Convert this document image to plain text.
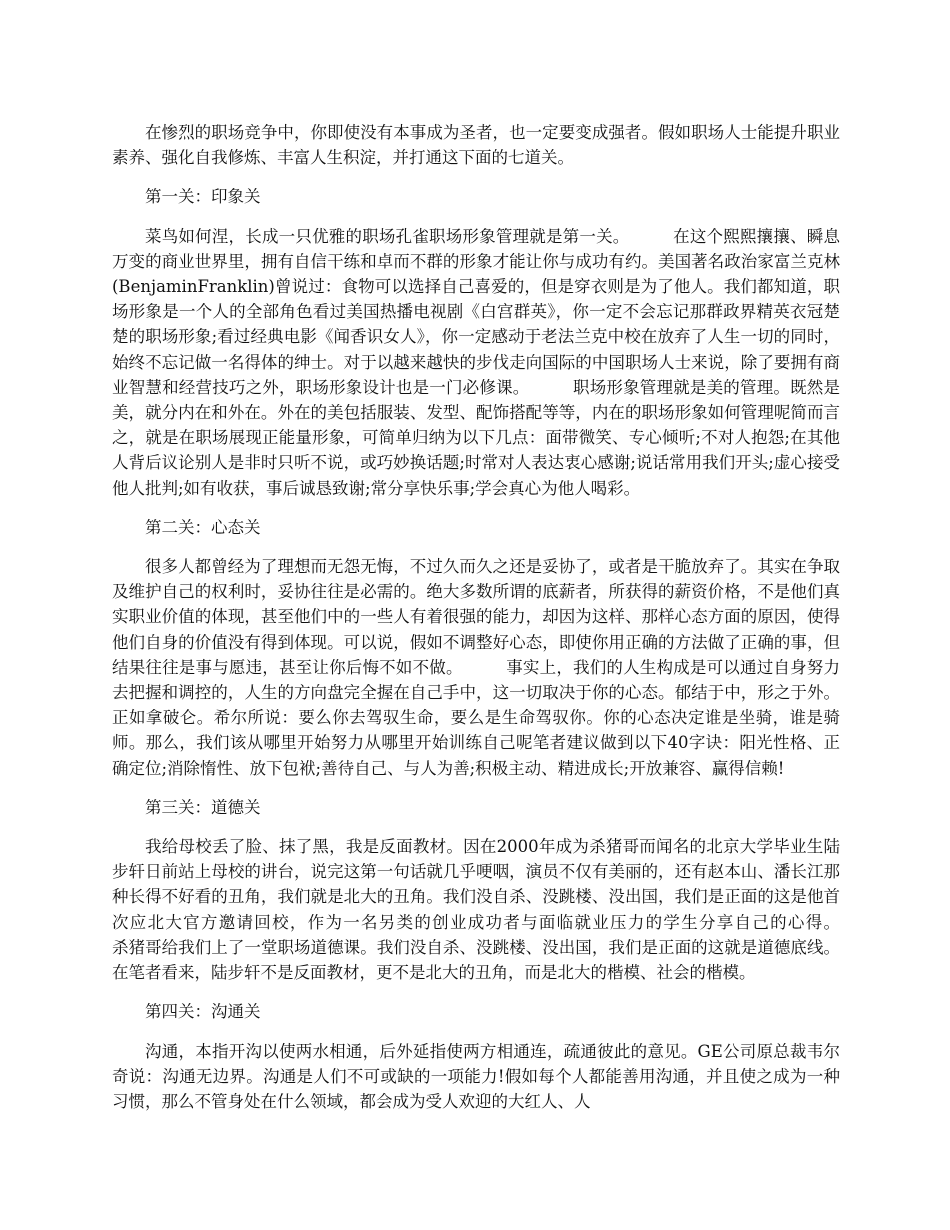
在惨烈的职场竞争中，你即使没有本事成为圣者，也一定要变成强者。假如职场人士能提升职业素养、强化自我修炼、丰富人生积淀，并打通这下面的七道关。

第一关：印象关

菜鸟如何涅，长成一只优雅的职场孔雀职场形象管理就是第一关。        在这个熙熙攘攘、瞬息万变的商业世界里，拥有自信干练和卓而不群的形象才能让你与成功有约。美国著名政治家富兰克林(BenjaminFranklin)曾说过：食物可以选择自己喜爱的，但是穿衣则是为了他人。我们都知道，职场形象是一个人的全部角色看过美国热播电视剧《白宫群英》，你一定不会忘记那群政界精英衣冠楚楚的职场形象;看过经典电影《闻香识女人》，你一定感动于老法兰克中校在放弃了人生一切的同时，始终不忘记做一名得体的绅士。对于以越来越快的步伐走向国际的中国职场人士来说，除了要拥有商业智慧和经营技巧之外，职场形象设计也是一门必修课。        职场形象管理就是美的管理。既然是美，就分内在和外在。外在的美包括服装、发型、配饰搭配等等，内在的职场形象如何管理呢简而言之，就是在职场展现正能量形象，可简单归纳为以下几点：面带微笑、专心倾听;不对人抱怨;在其他人背后议论别人是非时只听不说，或巧妙换话题;时常对人表达衷心感谢;说话常用我们开头;虚心接受他人批判;如有收获，事后诚恳致谢;常分享快乐事;学会真心为他人喝彩。

第二关：心态关

很多人都曾经为了理想而无怨无悔，不过久而久之还是妥协了，或者是干脆放弃了。其实在争取及维护自己的权利时，妥协往往是必需的。绝大多数所谓的底薪者，所获得的薪资价格，不是他们真实职业价值的体现，甚至他们中的一些人有着很强的能力，却因为这样、那样心态方面的原因，使得他们自身的价值没有得到体现。可以说，假如不调整好心态，即使你用正确的方法做了正确的事，但结果往往是事与愿违，甚至让你后悔不如不做。        事实上，我们的人生构成是可以通过自身努力去把握和调控的，人生的方向盘完全握在自己手中，这一切取决于你的心态。郁结于中，形之于外。正如拿破仑。希尔所说：要么你去驾驭生命，要么是生命驾驭你。你的心态决定谁是坐骑，谁是骑师。那么，我们该从哪里开始努力从哪里开始训练自己呢笔者建议做到以下40字诀：阳光性格、正确定位;消除惰性、放下包袱;善待自己、与人为善;积极主动、精进成长;开放兼容、赢得信赖!

第三关：道德关

我给母校丢了脸、抹了黑，我是反面教材。因在2000年成为杀猪哥而闻名的北京大学毕业生陆步轩日前站上母校的讲台，说完这第一句话就几乎哽咽，演员不仅有美丽的，还有赵本山、潘长江那种长得不好看的丑角，我们就是北大的丑角。我们没自杀、没跳楼、没出国，我们是正面的这是他首次应北大官方邀请回校，作为一名另类的创业成功者与面临就业压力的学生分享自己的心得。        杀猪哥给我们上了一堂职场道德课。我们没自杀、没跳楼、没出国，我们是正面的这就是道德底线。在笔者看来，陆步轩不是反面教材，更不是北大的丑角，而是北大的楷模、社会的楷模。

第四关：沟通关

沟通，本指开沟以使两水相通，后外延指使两方相通连，疏通彼此的意见。GE公司原总裁韦尔奇说：沟通无边界。沟通是人们不可或缺的一项能力!假如每个人都能善用沟通，并且使之成为一种习惯，那么不管身处在什么领域，都会成为受人欢迎的大红人、人
